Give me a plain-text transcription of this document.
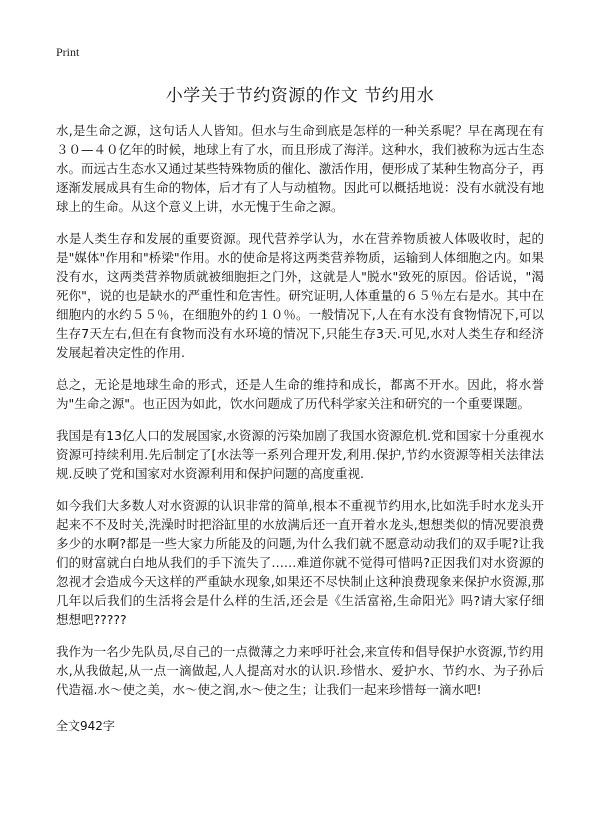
Print
小学关于节约资源的作文 节约用水

水,是生命之源，这句话人人皆知。但水与生命到底是怎样的一种关系呢？早在离现在有３０—４０亿年的时候，地球上有了水，而且形成了海洋。这种水，我们被称为远古生态水。而远古生态水又通过某些特殊物质的催化、激活作用，便形成了某种生物高分子，再逐渐发展成具有生命的物体，后才有了人与动植物。因此可以概括地说：没有水就没有地球上的生命。从这个意义上讲，水无愧于生命之源。

水是人类生存和发展的重要资源。现代营养学认为，水在营养物质被人体吸收时，起的是"媒体"作用和"桥梁"作用。水的使命是将这两类营养物质，运输到人体细胞之内。如果没有水，这两类营养物质就被细胞拒之门外，这就是人"脱水"致死的原因。俗话说，"渴死你"，说的也是缺水的严重性和危害性。研究证明,人体重量的６５％左右是水。其中在细胞内的水约５５％，在细胞外的约１０％。一般情况下,人在有水没有食物情况下,可以生存7天左右,但在有食物而没有水环境的情况下,只能生存3天.可见,水对人类生存和经济发展起着决定性的作用.

总之，无论是地球生命的形式，还是人生命的维持和成长，都离不开水。因此，将水誉为"生命之源"。也正因为如此，饮水问题成了历代科学家关注和研究的一个重要课题。

我国是有13亿人口的发展国家,水资源的污染加剧了我国水资源危机.党和国家十分重视水资源可持续利用.先后制定了[水法等一系列合理开发,利用.保护,节约水资源等相关法律法规.反映了党和国家对水资源利用和保护问题的高度重视.

如今我们大多数人对水资源的认识非常的简单,根本不重视节约用水,比如洗手时水龙头开起来不不及时关,洗澡时时把浴缸里的水放满后还一直开着水龙头,想想类似的情况要浪费多少的水啊?都是一些大家力所能及的问题,为什么我们就不愿意动动我们的双手呢?让我们的财富就白白地从我们的手下流失了……难道你就不觉得可惜吗?正因我们对水资源的忽视才会造成今天这样的严重缺水现象,如果还不尽快制止这种浪费现象来保护水资源,那几年以后我们的生活将会是什么样的生活,还会是《生活富裕,生命阳光》吗?请大家仔细想想吧?????

我作为一名少先队员,尽自己的一点微薄之力来呼吁社会,来宣传和倡导保护水资源,节约用水,从我做起,从一点一滴做起,人人提高对水的认识.珍惜水、爱护水、节约水、为子孙后代造福.水～使之美，水～使之润,水～使之生；让我们一起来珍惜每一滴水吧!

全文942字
